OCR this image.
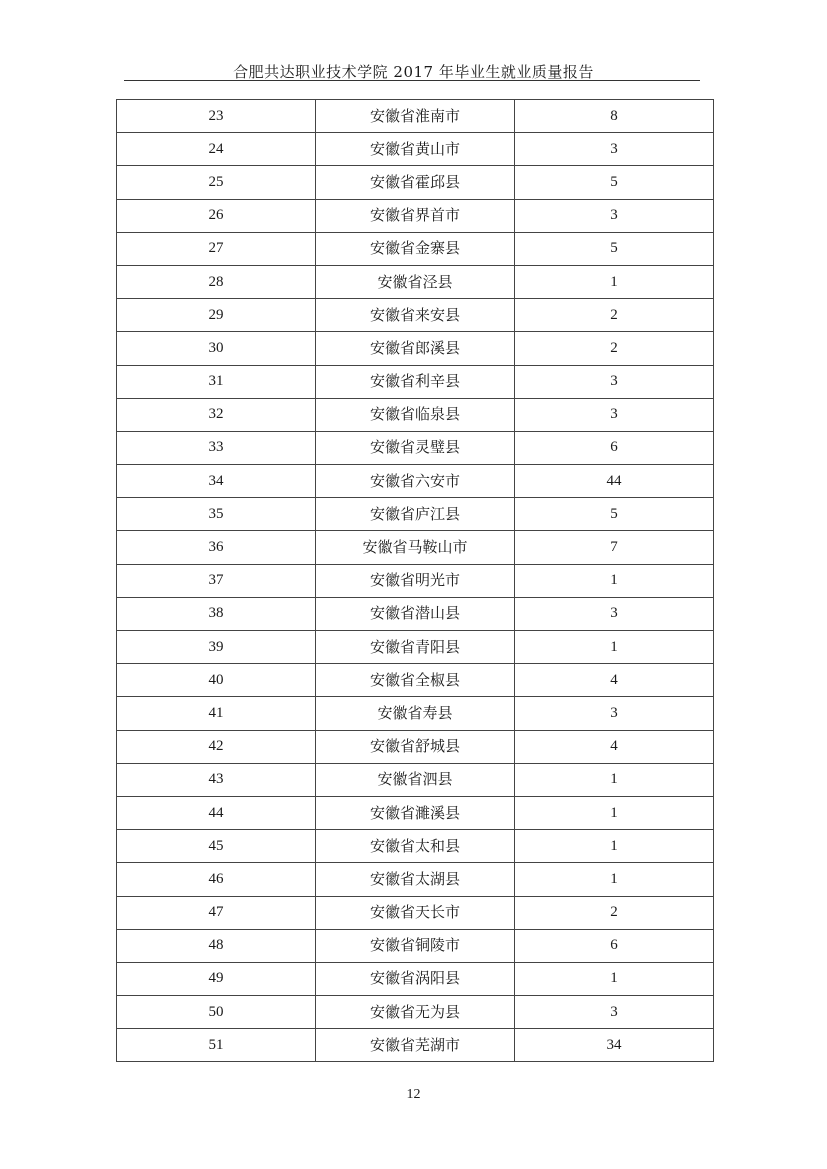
合肥共达职业技术学院 2017 年毕业生就业质量报告
23	安徽省淮南市	8
24	安徽省黄山市	3
25	安徽省霍邱县	5
26	安徽省界首市	3
27	安徽省金寨县	5
28	安徽省泾县	1
29	安徽省来安县	2
30	安徽省郎溪县	2
31	安徽省利辛县	3
32	安徽省临泉县	3
33	安徽省灵璧县	6
34	安徽省六安市	44
35	安徽省庐江县	5
36	安徽省马鞍山市	7
37	安徽省明光市	1
38	安徽省潜山县	3
39	安徽省青阳县	1
40	安徽省全椒县	4
41	安徽省寿县	3
42	安徽省舒城县	4
43	安徽省泗县	1
44	安徽省濉溪县	1
45	安徽省太和县	1
46	安徽省太湖县	1
47	安徽省天长市	2
48	安徽省铜陵市	6
49	安徽省涡阳县	1
50	安徽省无为县	3
51	安徽省芜湖市	34
12
